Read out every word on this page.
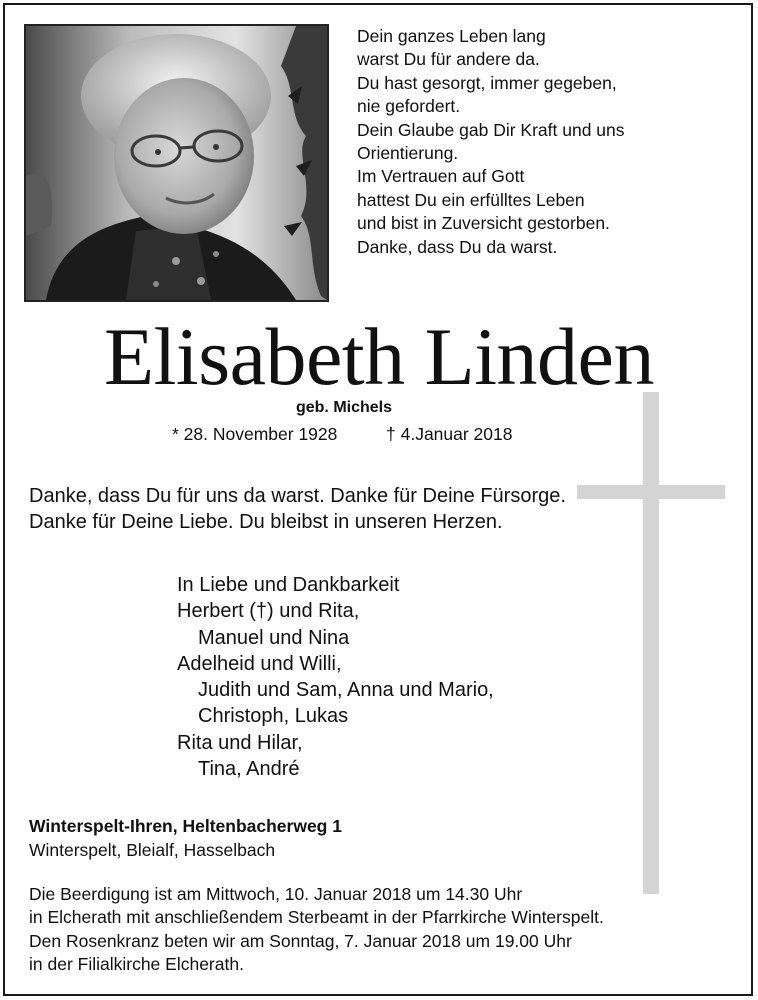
Dein ganzes Leben lang
warst Du für andere da.
Du hast gesorgt, immer gegeben,
nie gefordert.
Dein Glaube gab Dir Kraft und uns
Orientierung.
Im Vertrauen auf Gott
hattest Du ein erfülltes Leben
und bist in Zuversicht gestorben.
Danke, dass Du da warst.
Elisabeth Linden
geb. Michels
* 28. November 1928	† 4.Januar 2018

Danke, dass Du für uns da warst. Danke für Deine Fürsorge. Danke für Deine Liebe. Du bleibst in unseren Herzen.

In Liebe und Dankbarkeit
Herbert (†) und Rita,
Manuel und Nina
Adelheid und Willi,
Judith und Sam, Anna und Mario,
Christoph, Lukas
Rita und Hilar,
Tina, André
Winterspelt-Ihren, Heltenbacherweg 1
Winterspelt, Bleialf, Hasselbach
Die Beerdigung ist am Mittwoch, 10. Januar 2018 um 14.30 Uhr
in Elcherath mit anschließendem Sterbeamt in der Pfarrkirche Winterspelt.
Den Rosenkranz beten wir am Sonntag, 7. Januar 2018 um 19.00 Uhr
in der Filialkirche Elcherath.
